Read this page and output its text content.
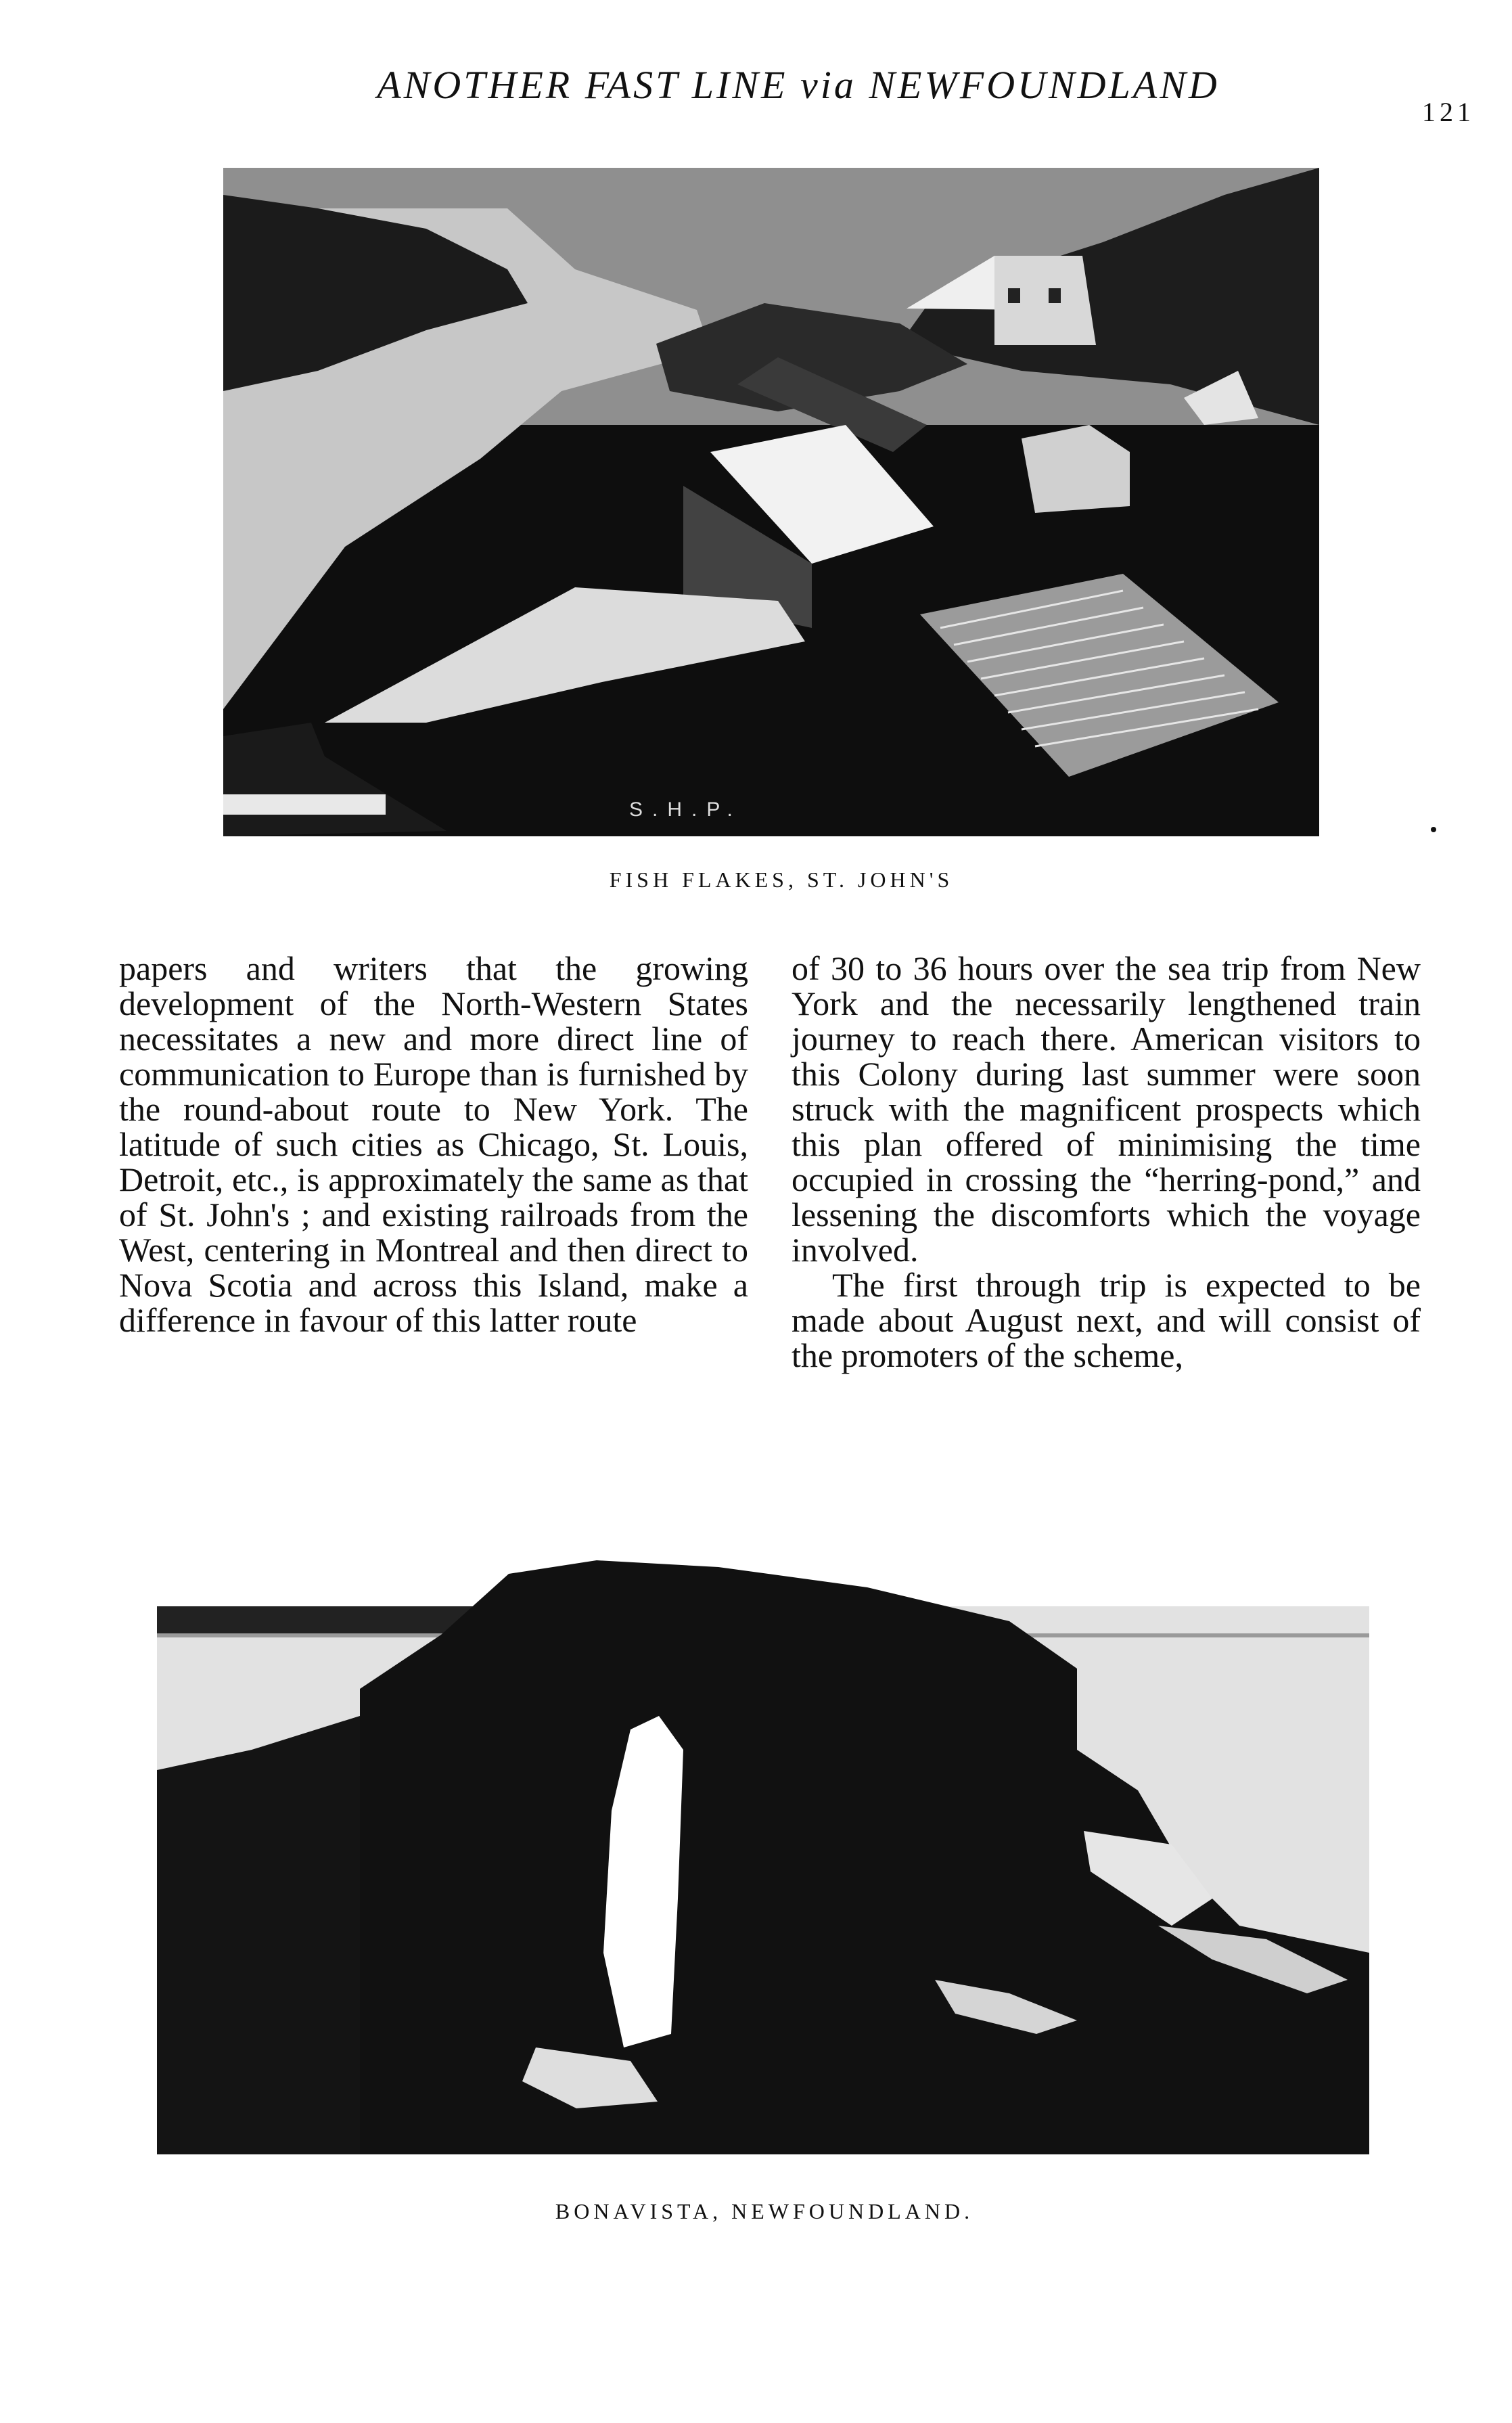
ANOTHER FAST LINE via NEWFOUNDLAND
121
S.H.P.
FISH FLAKES, ST. JOHN'S

papers and writers that the growing development of the North-Western States necessitates a new and more direct line of communication to Europe than is furnished by the round-about route to New York. The latitude of such cities as Chicago, St. Louis, Detroit, etc., is approximately the same as that of St. John's ; and existing railroads from the West, centering in Montreal and then direct to Nova Scotia and across this Island, make a difference in favour of this latter route

of 30 to 36 hours over the sea trip from New York and the necessarily lengthened train journey to reach there. American visitors to this Colony during last summer were soon struck with the magnificent prospects which this plan offered of minimising the time occupied in crossing the “herring-pond,” and lessening the discomforts which the voyage involved.

The first through trip is expected to be made about August next, and will consist of the promoters of the scheme,

BONAVISTA, NEWFOUNDLAND.
